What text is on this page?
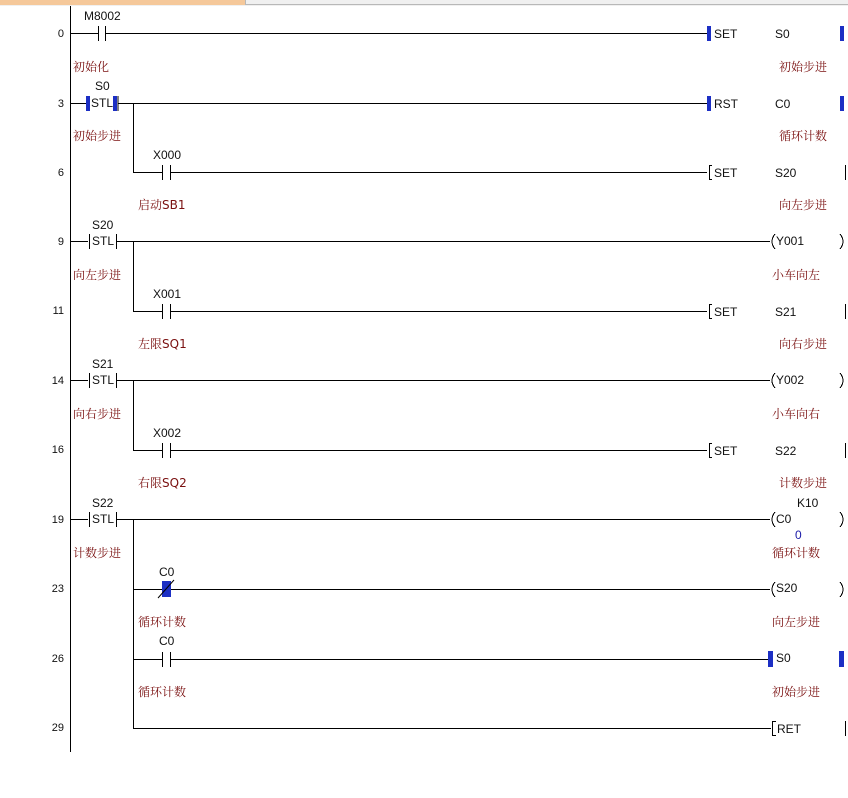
0
M8002
SET	S0
初始化	初始步进
3
S0
STL	RST	C0
初始步进	循环计数
6
X000
SET	S20
启动SB1	向左步进
9
S20
STL	Y001
向左步进	小车向左
11
X001
SET	S21
左限SQ1	向右步进
14
S21
STL	Y002
向右步进	小车向右
16
X002
SET	S22
右限SQ2	计数步进
19
S22
STL	C0
K10
0
计数步进	循环计数
23
C0
S20
循环计数	向左步进
26
C0
S0
循环计数	初始步进
29	RET
